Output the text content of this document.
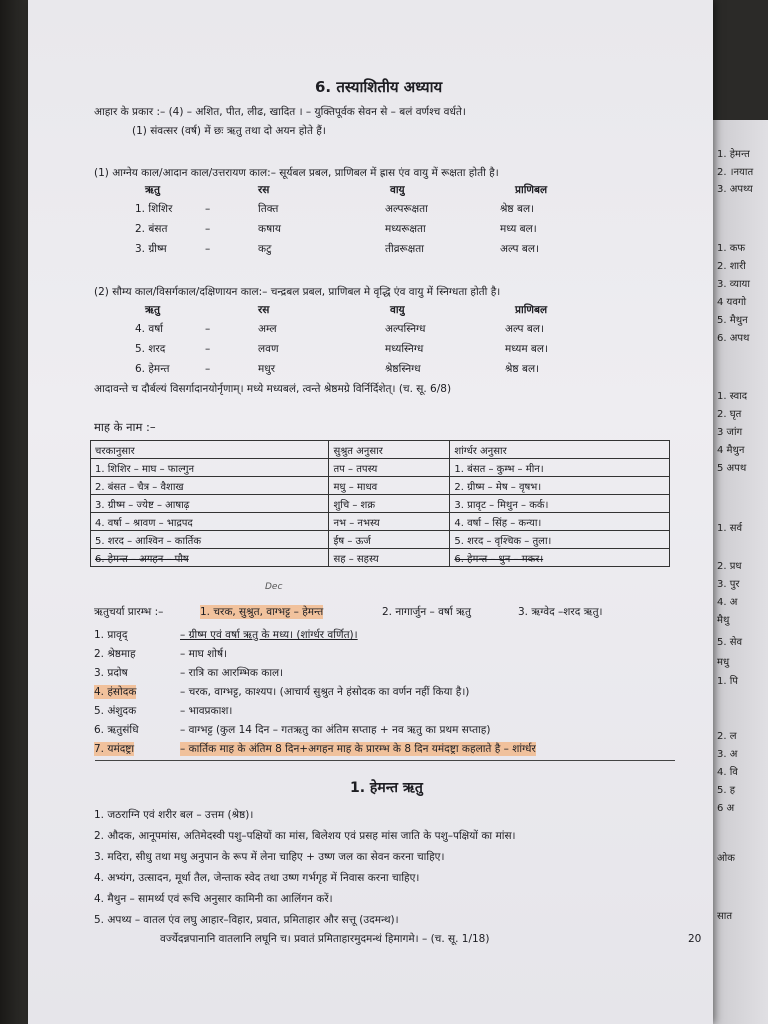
1. हेमन्त
2. ।नयात
3. अपथ्य
1. कफ
2. शारी
3. व्याया
4 यवगो
5. मैथुन
6. अपथ
1. स्वाद
2. घृत
3 जांग
4 मैथुन
5 अपथ
1. सर्व
2. प्रध
3. पुर
4. अ
मैथु
5. सेव
मधु
1. पि
2. ल
3. अ
4. वि
5. ह
6 अ
ओक
सात
6. तस्याशितीय अध्याय
आहार के प्रकार :– (4) – अशित, पीत, लीढ, खादित । – युक्तिपूर्वक सेवन से – बलं वर्णश्च वर्धते।
(1) संवत्सर (वर्ष) में छः ऋतु तथा दो अयन होते हैं।
(1) आग्नेय काल/आदान काल/उत्तरायण काल:– सूर्यबल प्रबल, प्राणिबल में ह्रास एंव वायु में रूक्षता होती है।
ऋतु	रस	वायु	प्राणिबल
1. शिशिर	–	तिक्त	अल्परूक्षता	श्रेष्ठ बल।
2. बंसत	–	कषाय	मध्यरूक्षता	मध्य बल।
3. ग्रीष्म	–	कटु	तीव्ररूक्षता	अल्प बल।
(2) सौम्य काल/विसर्गकाल/दक्षिणायन काल:– चन्द्रबल प्रबल, प्राणिबल मे वृद्धि एंव वायु में स्निग्धता होती है।
ऋतु	रस	वायु	प्राणिबल
4. वर्षा	–	अम्ल	अल्पस्निग्ध	अल्प बल।
5. शरद	–	लवण	मध्यस्निग्ध	मध्यम बल।
6. हेमन्त	–	मधुर	श्रेष्ठस्निग्ध	श्रेष्ठ बल।
आदावन्ते च दौर्बल्यं विसर्गादानयोर्नृणाम्। मध्ये मध्यबलं, त्वन्ते श्रेष्ठमग्रे विर्निर्दिशेत्। (च. सू. 6/8)
माह के नाम :–
चरकानुसार	सुश्रुत अनुसार	शांर्ग्धर अनुसार
1. शिशिर – माघ – फाल्गुन	तप – तपस्य	1. बंसत – कुम्भ – मीन।
2. बंसत – चैत्र – वैशाख	मधु – माधव	2. ग्रीष्म – मेष – वृषभ।
3. ग्रीष्म – ज्येष्ट – आषाढ़	शुचि – शक्र	3. प्रावृट – मिथुन – कर्क।
4. वर्षा – श्रावण – भाद्रपद	नभ – नभस्य	4. वर्षा – सिंह – कन्या।
5. शरद – आश्विन – कार्तिक	ईष – ऊर्ज	5. शरद – वृश्चिक – तुला।
6. हेमन्त – अगहन – पौष	सह – सहस्य	6. हेमन्त – धुन – मकर।
Dec
ऋतुचर्या प्रारम्भ :–	1. चरक, सुश्रुत, वाग्भट्ट – हेमन्त	2. नागार्जुन – वर्षा ऋतु	3. ऋग्वेद –शरद ऋतु।
1. प्रावृद्	– ग्रीष्म एवं वर्षा ऋतु के मध्य। (शांर्ग्धर वर्णित)।
2. श्रेष्ठमाह	– माघ शोर्ष।
3. प्रदोष	– रात्रि का आरम्भिक काल।
4. हंसोदक	– चरक, वाग्भट्ट, काश्यप। (आचार्य सुश्रुत ने हंसोदक का वर्णन नहीं किया है।)
5. अंशुदक	– भावप्रकाश।
6. ऋतुसंधि	– वाग्भट्ट (कुल 14 दिन – गतऋतु का अंतिम सप्ताह + नव ऋतु का प्रथम सप्ताह)
7. यमंदष्ट्रा	– कार्तिक माह के अंतिम 8 दिन+अगहन माह के प्रारम्भ के 8 दिन यमंदष्ट्रा कहलाते है – शांर्ग्धर
1. हेमन्त ऋतु
1. जठराग्नि एवं शरीर बल – उत्तम (श्रेष्ठ)।
2. औदक, आनूपमांस, अतिमेदस्वी पशु–पक्षियों का मांस, बिलेशय एवं प्रसह मांस जाति के पशु–पक्षियों का मांस।
3. मदिरा, सीधु तथा मधु अनुपान के रूप में लेना चाहिए + उष्ण जल का सेवन करना चाहिए।
4. अभ्यंग, उत्सादन, मूर्धा तैल, जेन्ताक स्वेद तथा उष्ण गर्भगृह में निवास करना चाहिए।
4. मैथुन – सामर्थ्य एवं रूचि अनुसार कामिनी का आलिंगन करें।
5. अपथ्य – वातल एंव लघु आहार–विहार, प्रवात, प्रमिताहार और सत्तू (उदमन्थ)।
वर्ज्येदन्नपानानि वातलानि लघूनि च। प्रवातं प्रमिताहारमुदमन्थं हिमागमे। – (च. सू. 1/18)	20
